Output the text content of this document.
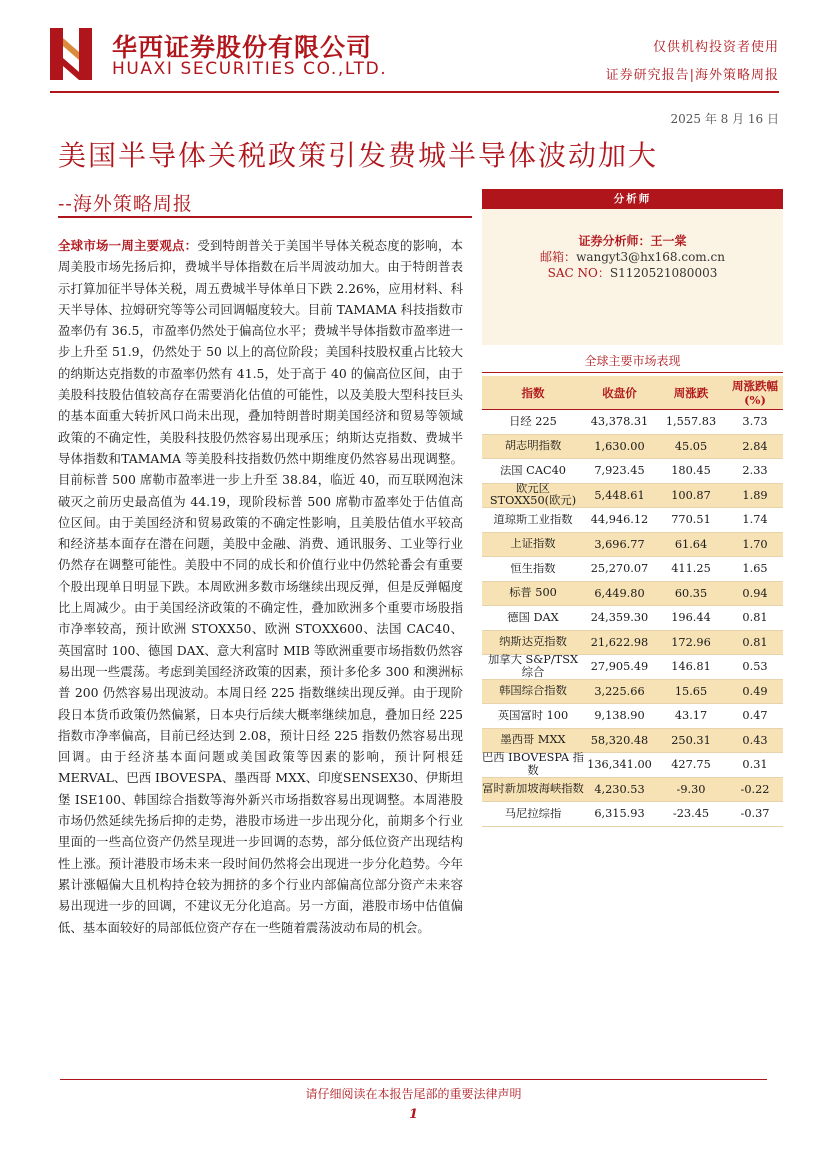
华西证券股份有限公司
HUAXI SECURITIES CO.,LTD.
仅供机构投资者使用
证券研究报告|海外策略周报
2025 年 8 月 16 日
美国半导体关税政策引发费城半导体波动加大
--海外策略周报
全球市场一周主要观点：受到特朗普关于美国半导体关税态度的影响，本周美股市场先扬后抑，费城半导体指数在后半周波动加大。由于特朗普表示打算加征半导体关税，周五费城半导体单日下跌 2.26%，应用材料、科天半导体、拉姆研究等等公司回调幅度较大。目前 TAMAMA 科技指数市盈率仍有 36.5，市盈率仍然处于偏高位水平；费城半导体指数市盈率进一步上升至 51.9，仍然处于 50 以上的高位阶段；美国科技股权重占比较大的纳斯达克指数的市盈率仍然有 41.5，处于高于 40 的偏高位区间，由于美股科技股估值较高存在需要消化估值的可能性，以及美股大型科技巨头的基本面重大转折风口尚未出现，叠加特朗普时期美国经济和贸易等领域政策的不确定性，美股科技股仍然容易出现承压；纳斯达克指数、费城半导体指数和TAMAMA 等美股科技指数仍然中期维度仍然容易出现调整。目前标普 500 席勒市盈率进一步上升至 38.84，临近 40，而互联网泡沫破灭之前历史最高值为 44.19，现阶段标普 500 席勒市盈率处于估值高位区间。由于美国经济和贸易政策的不确定性影响，且美股估值水平较高和经济基本面存在潜在问题，美股中金融、消费、通讯服务、工业等行业仍然存在调整可能性。美股中不同的成长和价值行业中仍然轮番会有重要个股出现单日明显下跌。本周欧洲多数市场继续出现反弹，但是反弹幅度比上周减少。由于美国经济政策的不确定性，叠加欧洲多个重要市场股指市净率较高，预计欧洲 STOXX50、欧洲 STOXX600、法国 CAC40、英国富时 100、德国 DAX、意大利富时 MIB 等欧洲重要市场指数仍然容易出现一些震荡。考虑到美国经济政策的因素，预计多伦多 300 和澳洲标普 200 仍然容易出现波动。本周日经 225 指数继续出现反弹。由于现阶段日本货币政策仍然偏紧，日本央行后续大概率继续加息，叠加日经 225 指数市净率偏高，目前已经达到 2.08，预计日经 225 指数仍然容易出现回调。由于经济基本面问题或美国政策等因素的影响，预计阿根廷 MERVAL、巴西 IBOVESPA、墨西哥 MXX、印度SENSEX30、伊斯坦堡 ISE100、韩国综合指数等海外新兴市场指数容易出现调整。本周港股市场仍然延续先扬后抑的走势，港股市场进一步出现分化，前期多个行业里面的一些高位资产仍然呈现进一步回调的态势，部分低位资产出现结构性上涨。预计港股市场未来一段时间仍然将会出现进一步分化趋势。今年累计涨幅偏大且机构持仓较为拥挤的多个行业内部偏高位部分资产未来容易出现进一步的回调，不建议无分化追高。另一方面，港股市场中估值偏低、基本面较好的局部低位资产存在一些随着震荡波动布局的机会。
分析师
证券分析师：王一棠
邮箱：wangyt3@hx168.com.cn
SAC NO：S1120521080003
全球主要市场表现
指数	收盘价	周涨跌	周涨跌幅(%)
日经 225	43,378.31	1,557.83	3.73
胡志明指数	1,630.00	45.05	2.84
法国 CAC40	7,923.45	180.45	2.33
欧元区 STOXX50(欧元)	5,448.61	100.87	1.89
道琼斯工业指数	44,946.12	770.51	1.74
上证指数	3,696.77	61.64	1.70
恒生指数	25,270.07	411.25	1.65
标普 500	6,449.80	60.35	0.94
德国 DAX	24,359.30	196.44	0.81
纳斯达克指数	21,622.98	172.96	0.81
加拿大 S&P/TSX 综合	27,905.49	146.81	0.53
韩国综合指数	3,225.66	15.65	0.49
英国富时 100	9,138.90	43.17	0.47
墨西哥 MXX	58,320.48	250.31	0.43
巴西 IBOVESPA 指数	136,341.00	427.75	0.31
富时新加坡海峡指数 4,230.53	-9.30	-0.22
马尼拉综指	6,315.93	-23.45	-0.37
请仔细阅读在本报告尾部的重要法律声明
1
